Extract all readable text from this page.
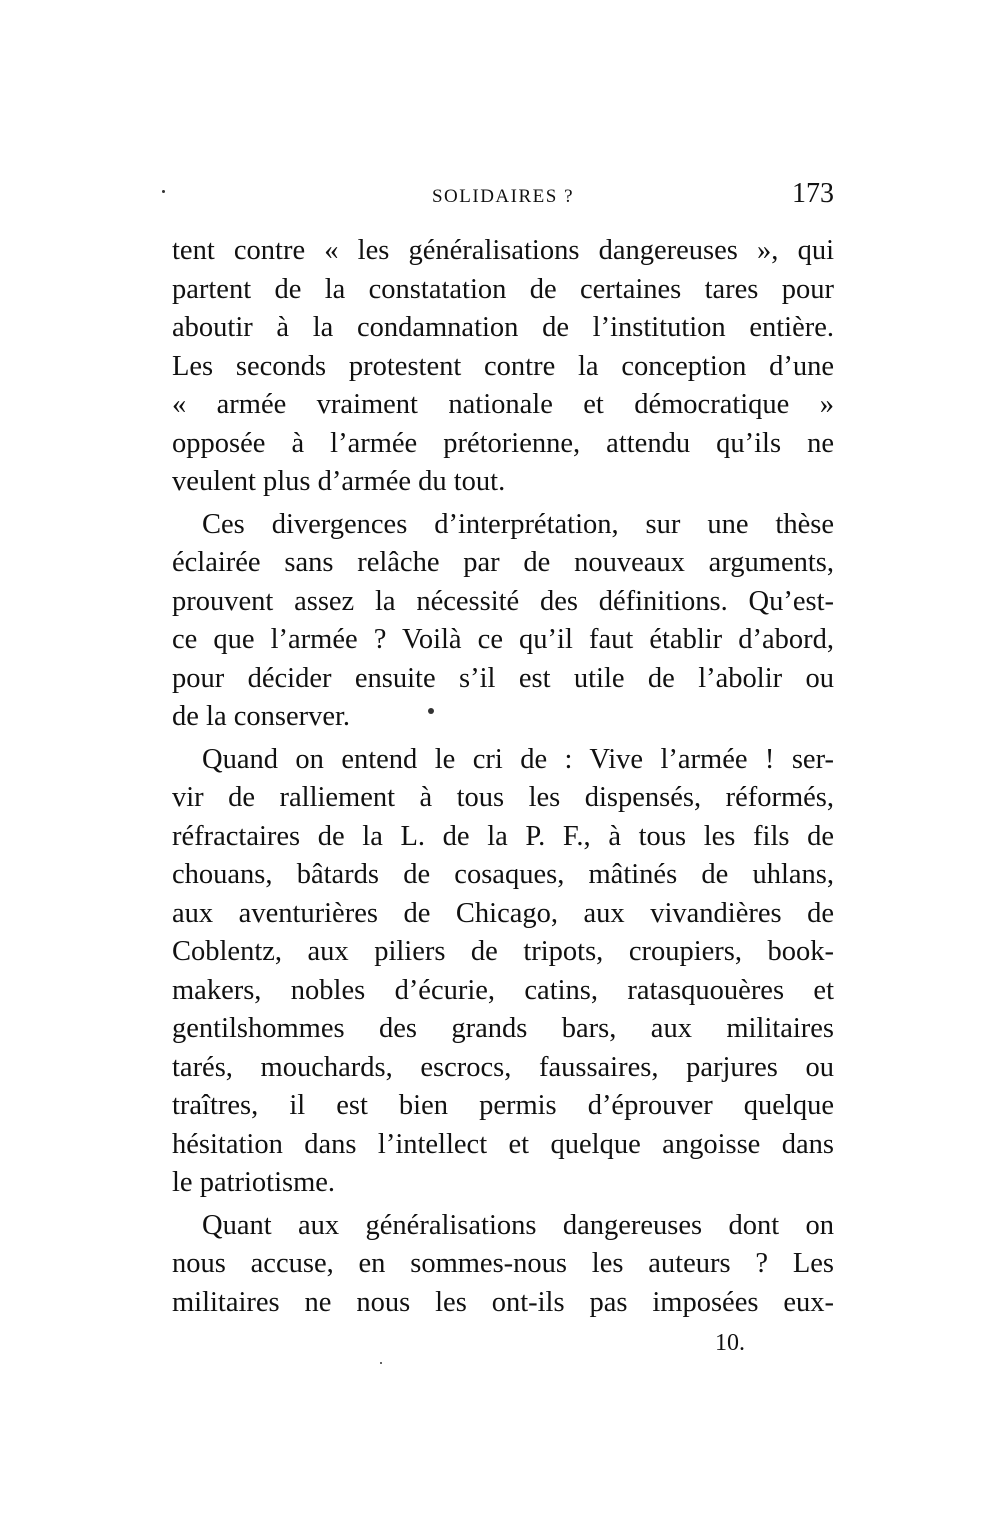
SOLIDAIRES ?	173
tent contre « les généralisations dangereuses », qui
partent de la constatation de certaines tares pour
aboutir à la condamnation de l’institution entière.
Les seconds protestent contre la conception d’une
« armée vraiment nationale et démocratique »
opposée à l’armée prétorienne, attendu qu’ils ne
veulent plus d’armée du tout.
Ces divergences d’interprétation, sur une thèse
éclairée sans relâche par de nouveaux arguments,
prouvent assez la nécessité des définitions. Qu’est-
ce que l’armée ? Voilà ce qu’il faut établir d’abord,
pour décider ensuite s’il est utile de l’abolir ou
de la conserver.
Quand on entend le cri de : Vive l’armée ! ser-
vir de ralliement à tous les dispensés, réformés,
réfractaires de la L. de la P. F., à tous les fils de
chouans, bâtards de cosaques, mâtinés de uhlans,
aux aventurières de Chicago, aux vivandières de
Coblentz, aux piliers de tripots, croupiers, book-
makers, nobles d’écurie, catins, ratasquouères et
gentilshommes des grands bars, aux militaires
tarés, mouchards, escrocs, faussaires, parjures ou
traîtres, il est bien permis d’éprouver quelque
hésitation dans l’intellect et quelque angoisse dans
le patriotisme.
Quant aux généralisations dangereuses dont on
nous accuse, en sommes-nous les auteurs ? Les
militaires ne nous les ont-ils pas imposées eux-
10.
